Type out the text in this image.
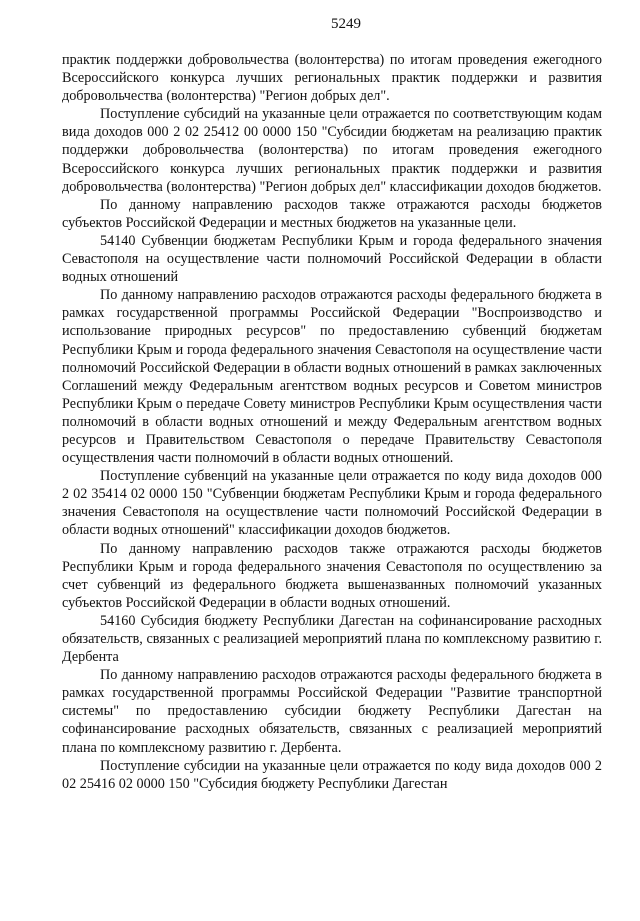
5249

практик поддержки добровольчества (волонтерства) по итогам проведения ежегодного Всероссийского конкурса лучших региональных практик поддержки и развития добровольчества (волонтерства) "Регион добрых дел".

Поступление субсидий на указанные цели отражается по соответствующим кодам вида доходов 000 2 02 25412 00 0000 150 "Субсидии бюджетам на реализацию практик поддержки добровольчества (волонтерства) по итогам проведения ежегодного Всероссийского конкурса лучших региональных практик поддержки и развития добровольчества (волонтерства) "Регион добрых дел" классификации доходов бюджетов.

По данному направлению расходов также отражаются расходы бюджетов субъектов Российской Федерации и местных бюджетов на указанные цели.

54140 Субвенции бюджетам Республики Крым и города федерального значения Севастополя на осуществление части полномочий Российской Федерации в области водных отношений

По данному направлению расходов отражаются расходы федерального бюджета в рамках государственной программы Российской Федерации "Воспроизводство и использование природных ресурсов" по предоставлению субвенций бюджетам Республики Крым и города федерального значения Севастополя на осуществление части полномочий Российской Федерации в области водных отношений в рамках заключенных Соглашений между Федеральным агентством водных ресурсов и Советом министров Республики Крым о передаче Совету министров Республики Крым осуществления части полномочий в области водных отношений и между Федеральным агентством водных ресурсов и Правительством Севастополя о передаче Правительству Севастополя осуществления части полномочий в области водных отношений.

Поступление субвенций на указанные цели отражается по коду вида доходов 000 2 02 35414 02 0000 150 "Субвенции бюджетам Республики Крым и города федерального значения Севастополя на осуществление части полномочий Российской Федерации в области водных отношений" классификации доходов бюджетов.

По данному направлению расходов также отражаются расходы бюджетов Республики Крым и города федерального значения Севастополя по осуществлению за счет субвенций из федерального бюджета вышеназванных полномочий указанных субъектов Российской Федерации в области водных отношений.

54160 Субсидия бюджету Республики Дагестан на софинансирование расходных обязательств, связанных с реализацией мероприятий плана по комплексному развитию г. Дербента

По данному направлению расходов отражаются расходы федерального бюджета в рамках государственной программы Российской Федерации "Развитие транспортной системы" по предоставлению субсидии бюджету Республики Дагестан на софинансирование расходных обязательств, связанных с реализацией мероприятий плана по комплексному развитию г. Дербента.

Поступление субсидии на указанные цели отражается по коду вида доходов 000 2 02 25416 02 0000 150 "Субсидия бюджету Республики Дагестан
